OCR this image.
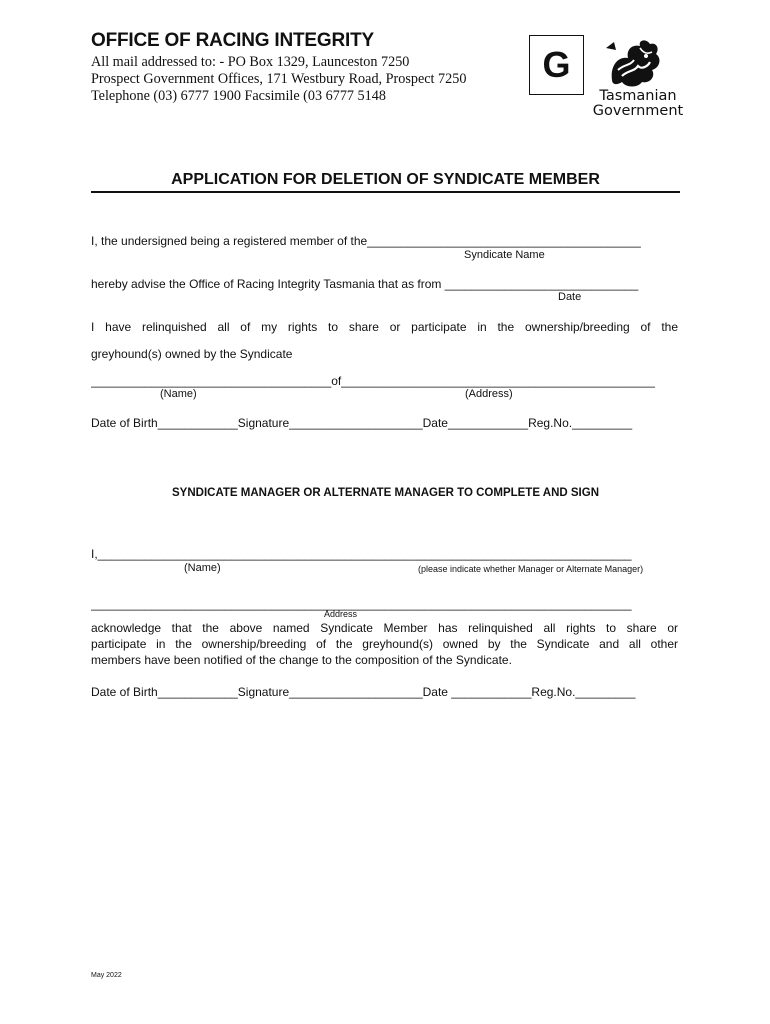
OFFICE OF RACING INTEGRITY
All mail addressed to: - PO Box 1329, Launceston 7250
Prospect Government Offices, 171 Westbury Road, Prospect 7250
Telephone (03) 6777 1900 Facsimile (03 6777 5148
G
Tasmanian
Government
APPLICATION FOR DELETION OF SYNDICATE MEMBER
I, the undersigned being a registered member of the_________________________________________
Syndicate Name
hereby advise the Office of Racing Integrity Tasmania that as from _____________________________
Date
I have relinquished all of my rights to share or participate in the ownership/breeding of the
greyhound(s) owned by the Syndicate
____________________________________of_______________________________________________
(Name)	(Address)
Date of Birth____________Signature____________________Date____________Reg.No._________
SYNDICATE MANAGER OR ALTERNATE MANAGER TO COMPLETE AND SIGN
I,________________________________________________________________________________
(Name)	(please indicate whether Manager or Alternate Manager)
_________________________________________________________________________________
Address
acknowledge that the above named Syndicate Member has relinquished all rights to share or
participate in the ownership/breeding of the greyhound(s) owned by the Syndicate and all other
members have been notified of the change to the composition of the Syndicate.
Date of Birth____________Signature____________________Date ____________Reg.No._________
May 2022
